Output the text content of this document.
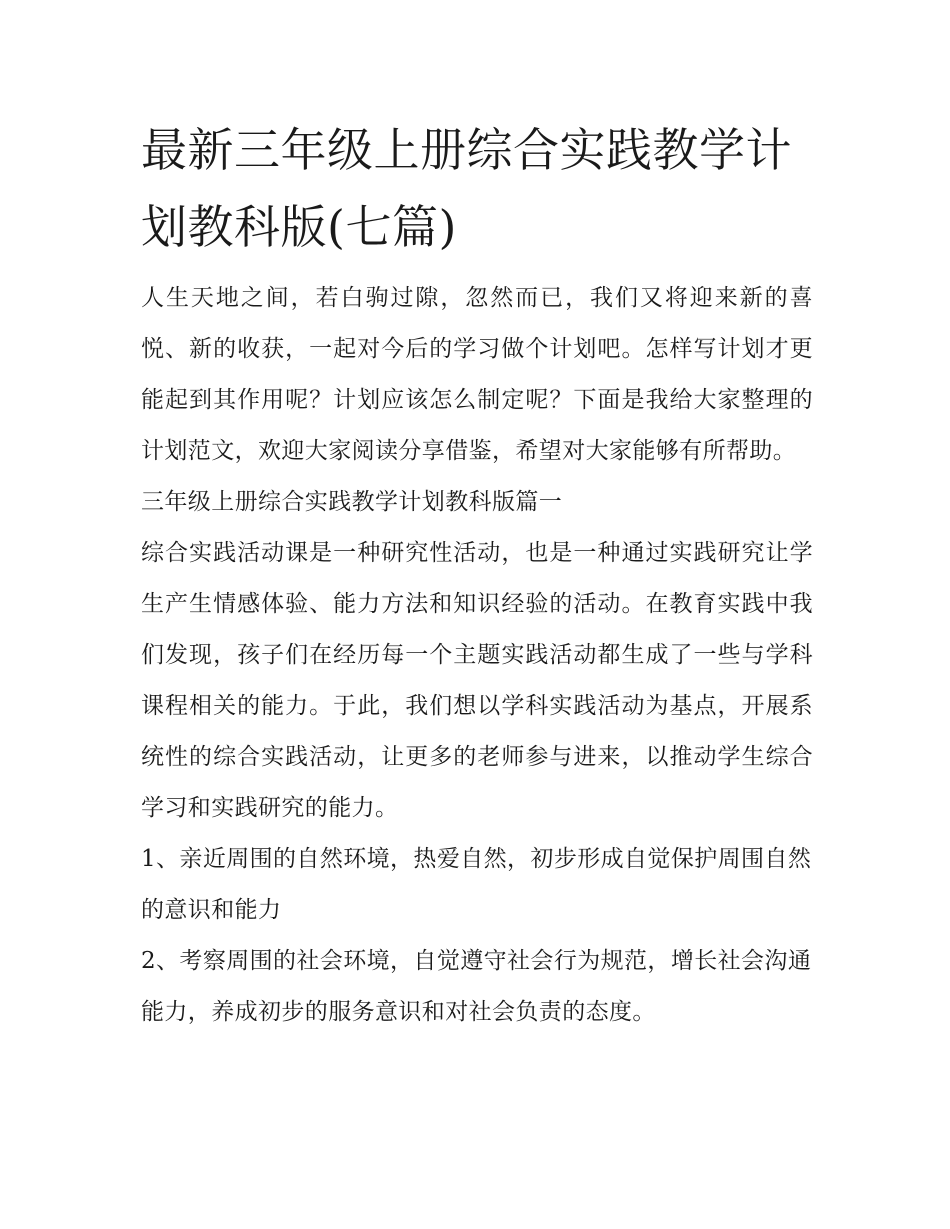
最新三年级上册综合实践教学计划教科版(七篇)

人生天地之间，若白驹过隙，忽然而已，我们又将迎来新的喜悦、新的收获，一起对今后的学习做个计划吧。怎样写计划才更能起到其作用呢？计划应该怎么制定呢？下面是我给大家整理的计划范文，欢迎大家阅读分享借鉴，希望对大家能够有所帮助。

三年级上册综合实践教学计划教科版篇一

综合实践活动课是一种研究性活动，也是一种通过实践研究让学生产生情感体验、能力方法和知识经验的活动。在教育实践中我们发现，孩子们在经历每一个主题实践活动都生成了一些与学科课程相关的能力。于此，我们想以学科实践活动为基点，开展系统性的综合实践活动，让更多的老师参与进来，以推动学生综合学习和实践研究的能力。

1、亲近周围的自然环境，热爱自然，初步形成自觉保护周围自然的意识和能力

2、考察周围的社会环境，自觉遵守社会行为规范，增长社会沟通能力，养成初步的服务意识和对社会负责的态度。
